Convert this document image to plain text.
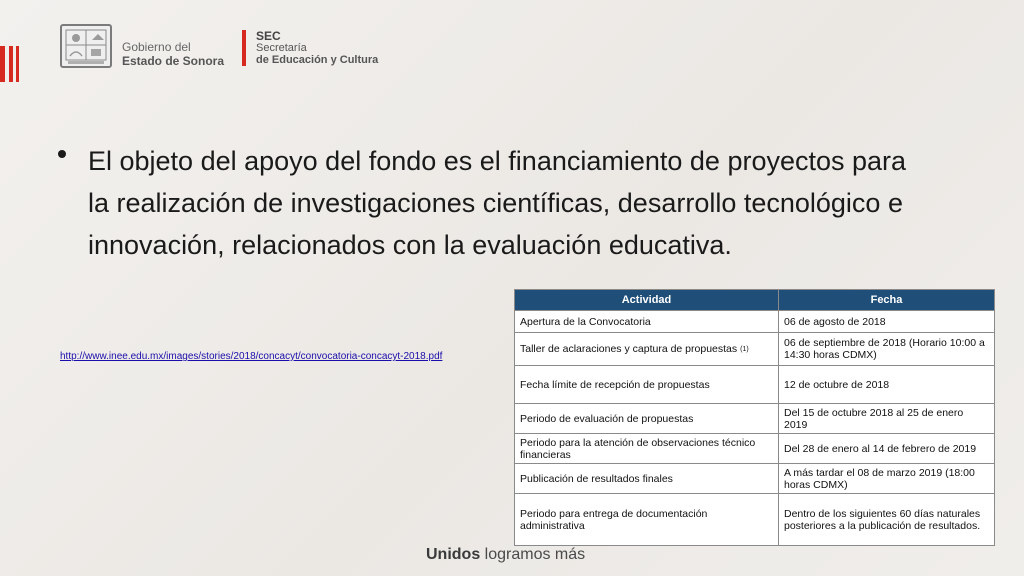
Gobierno del
Estado de Sonora
SEC
Secretaría
de Educación y Cultura
El objeto del apoyo del fondo es el financiamiento de proyectos para la realización de investigaciones científicas, desarrollo tecnológico e innovación, relacionados con la evaluación educativa.
http://www.inee.edu.mx/images/stories/2018/concacyt/convocatoria-concacyt-2018.pdf
Actividad	Fecha
Apertura de la Convocatoria	06 de agosto de 2018
Taller de aclaraciones y captura de propuestas (1)	06 de septiembre de 2018 (Horario 10:00 a 14:30 horas CDMX)
Fecha límite de recepción de propuestas	12 de octubre de 2018
Periodo de evaluación de propuestas	Del 15 de octubre 2018 al 25 de enero 2019
Periodo para la atención de observaciones técnico financieras	Del 28 de enero al 14 de febrero de 2019
Publicación de resultados finales	A más tardar el 08 de marzo 2019 (18:00 horas CDMX)
Periodo para entrega de documentación administrativa	Dentro de los siguientes 60 días naturales posteriores a la publicación de resultados.
Unidos logramos más
